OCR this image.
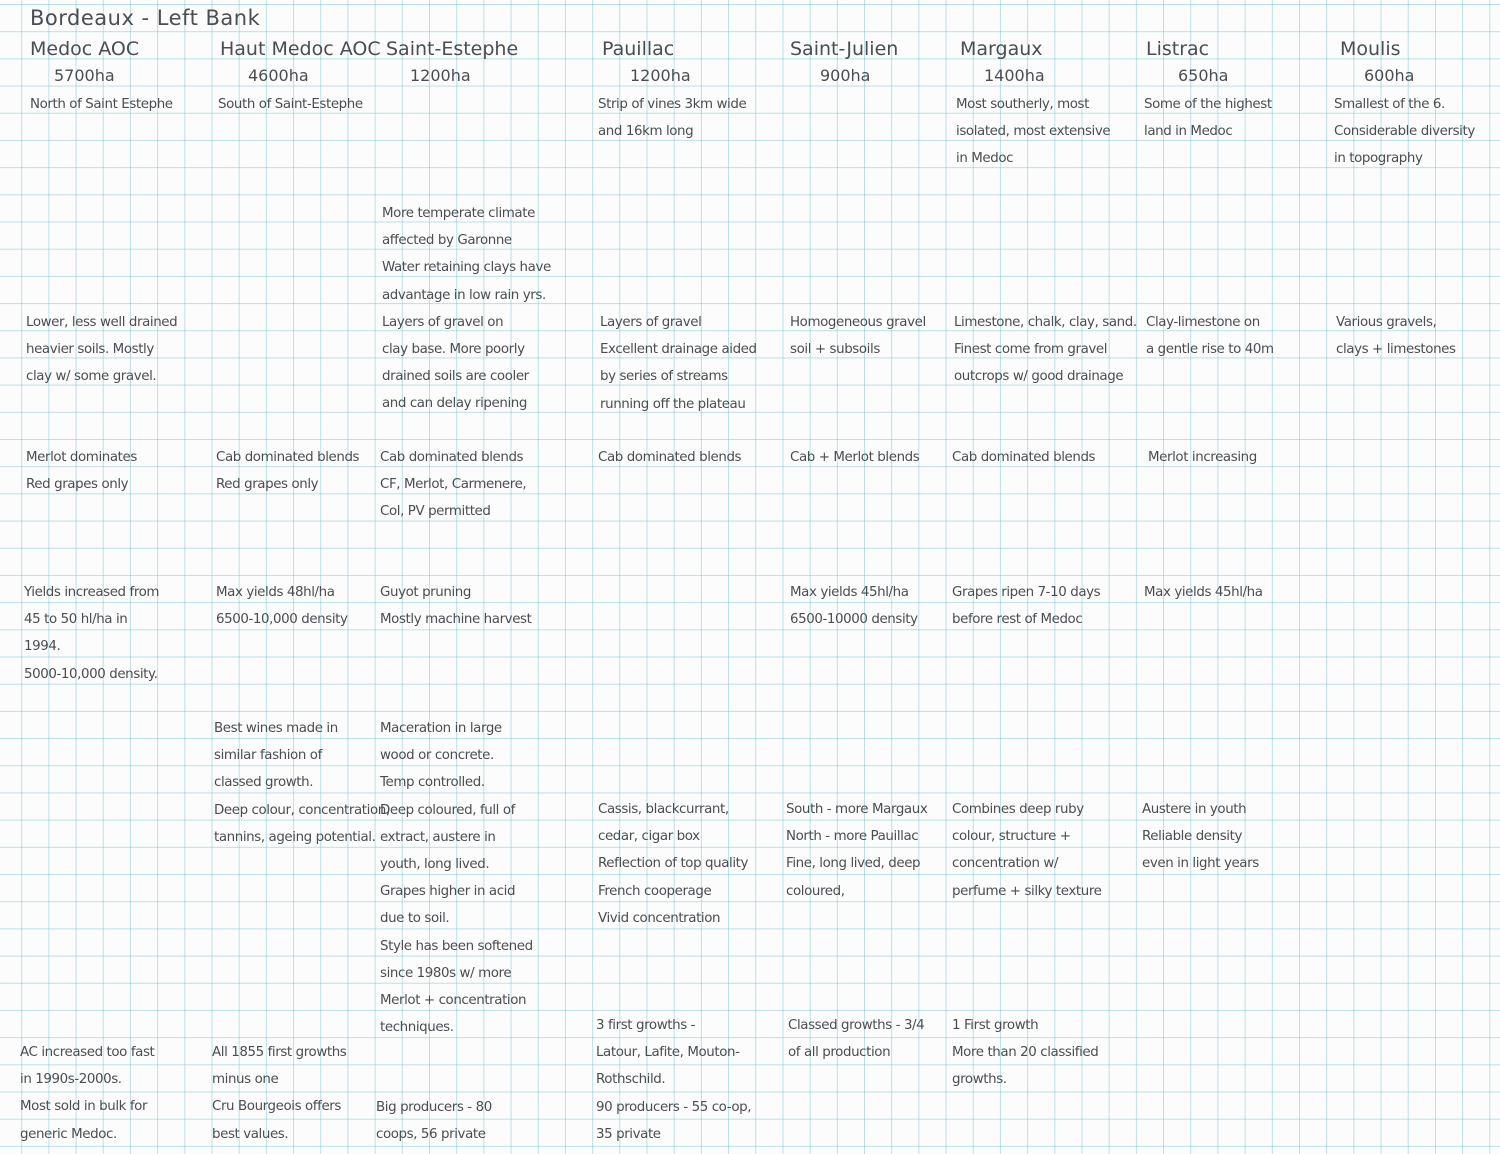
Bordeaux - Left Bank
Medoc AOC
5700ha
North of Saint Estephe
Lower, less well drained
heavier soils. Mostly
clay w/ some gravel.
Merlot dominates
Red grapes only
Yields increased from
45 to 50 hl/ha in
1994.
5000-10,000 density.
AC increased too fast
in 1990s-2000s.
Most sold in bulk for
generic Medoc.
Haut Medoc AOC
4600ha
South of Saint-Estephe
Cab dominated blends
Red grapes only
Max yields 48hl/ha
6500-10,000 density
Best wines made in
similar fashion of
classed growth.
Deep colour, concentration,
tannins, ageing potential.
All 1855 first growths
minus one
Cru Bourgeois offers
best values.
Saint-Estephe
1200ha
More temperate climate
affected by Garonne
Water retaining clays have
advantage in low rain yrs.
Layers of gravel on
clay base. More poorly
drained soils are cooler
and can delay ripening
Cab dominated blends
CF, Merlot, Carmenere,
Col, PV permitted
Guyot pruning
Mostly machine harvest
Maceration in large
wood or concrete.
Temp controlled.
Deep coloured, full of
extract, austere in
youth, long lived.
Grapes higher in acid
due to soil.
Style has been softened
since 1980s w/ more
Merlot + concentration
techniques.

Big producers - 80
coops, 56 private
Pauillac
1200ha
Strip of vines 3km wide
and 16km long
Layers of gravel
Excellent drainage aided
by series of streams
running off the plateau
Cab dominated blends
Cassis, blackcurrant,
cedar, cigar box
Reflection of top quality
French cooperage
Vivid concentration
3 first growths -
Latour, Lafite, Mouton-
Rothschild.
90 producers - 55 co-op,
35 private
Saint-Julien
900ha
Homogeneous gravel
soil + subsoils
Cab + Merlot blends
Max yields 45hl/ha
6500-10000 density
South - more Margaux
North - more Pauillac
Fine, long lived, deep
coloured,
Classed growths - 3/4
of all production
Margaux
1400ha
Most southerly, most
isolated, most extensive
in Medoc
Limestone, chalk, clay, sand.
Finest come from gravel
outcrops w/ good drainage
Cab dominated blends
Grapes ripen 7-10 days
before rest of Medoc
Combines deep ruby
colour, structure +
concentration w/
perfume + silky texture
1 First growth
More than 20 classified
growths.
Listrac
650ha
Some of the highest
land in Medoc
Clay-limestone on
a gentle rise to 40m
Merlot increasing
Max yields 45hl/ha
Austere in youth
Reliable density
even in light years
Moulis
600ha
Smallest of the 6.
Considerable diversity
in topography
Various gravels,
clays + limestones
